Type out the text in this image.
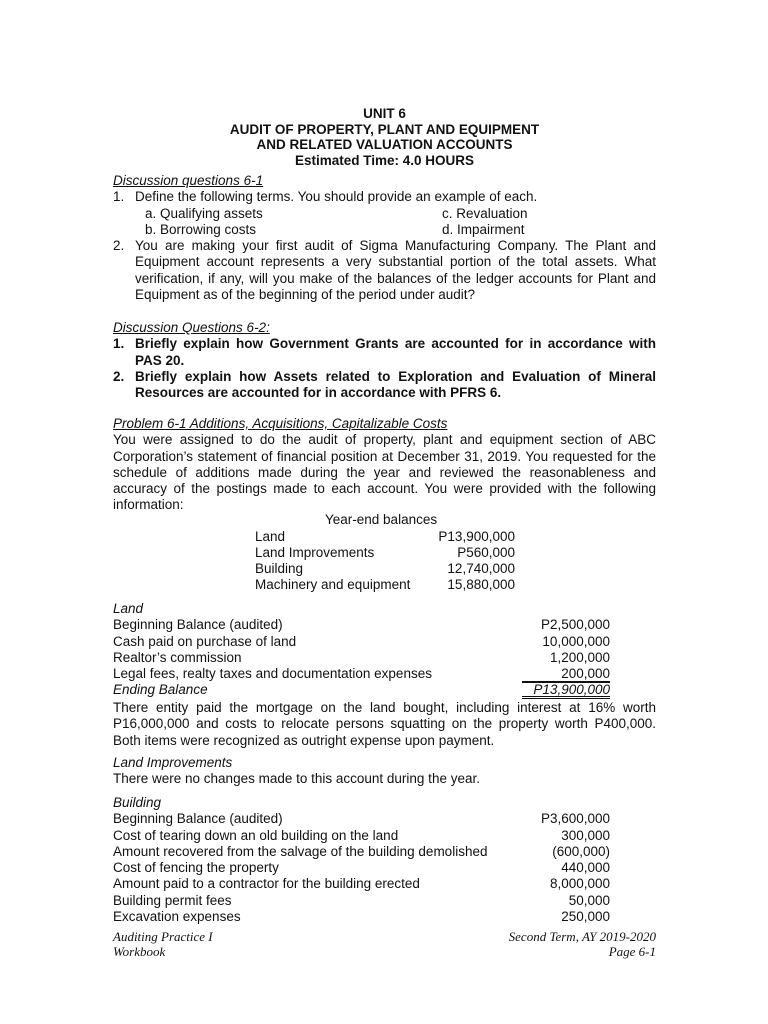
UNIT 6
AUDIT OF PROPERTY, PLANT AND EQUIPMENT
AND RELATED VALUATION ACCOUNTS
Estimated Time: 4.0 HOURS
Discussion questions 6-1
1. Define the following terms. You should provide an example of each.
a. Qualifying assets	c. Revaluation
b. Borrowing costs	d. Impairment
2. You are making your first audit of Sigma Manufacturing Company. The Plant and Equipment account represents a very substantial portion of the total assets. What verification, if any, will you make of the balances of the ledger accounts for Plant and Equipment as of the beginning of the period under audit?
Discussion Questions 6-2:
1. Briefly explain how Government Grants are accounted for in accordance with PAS 20.
2. Briefly explain how Assets related to Exploration and Evaluation of Mineral Resources are accounted for in accordance with PFRS 6.
Problem 6-1 Additions, Acquisitions, Capitalizable Costs
You were assigned to do the audit of property, plant and equipment section of ABC Corporation’s statement of financial position at December 31, 2019. You requested for the schedule of additions made during the year and reviewed the reasonableness and accuracy of the postings made to each account. You were provided with the following information:
Year-end balances
Land	P13,900,000
Land Improvements	P560,000
Building	12,740,000
Machinery and equipment	15,880,000
Land
Beginning Balance (audited)	P2,500,000
Cash paid on purchase of land	10,000,000
Realtor’s commission	1,200,000
Legal fees, realty taxes and documentation expenses	200,000
Ending Balance	P13,900,000
There entity paid the mortgage on the land bought, including interest at 16% worth P16,000,000 and costs to relocate persons squatting on the property worth P400,000. Both items were recognized as outright expense upon payment.
Land Improvements
There were no changes made to this account during the year.
Building
Beginning Balance (audited)	P3,600,000
Cost of tearing down an old building on the land	300,000
Amount recovered from the salvage of the building demolished	(600,000)
Cost of fencing the property	440,000
Amount paid to a contractor for the building erected	8,000,000
Building permit fees	50,000
Excavation expenses	250,000
Auditing Practice I
Workbook
Second Term, AY 2019-2020
Page 6-1
